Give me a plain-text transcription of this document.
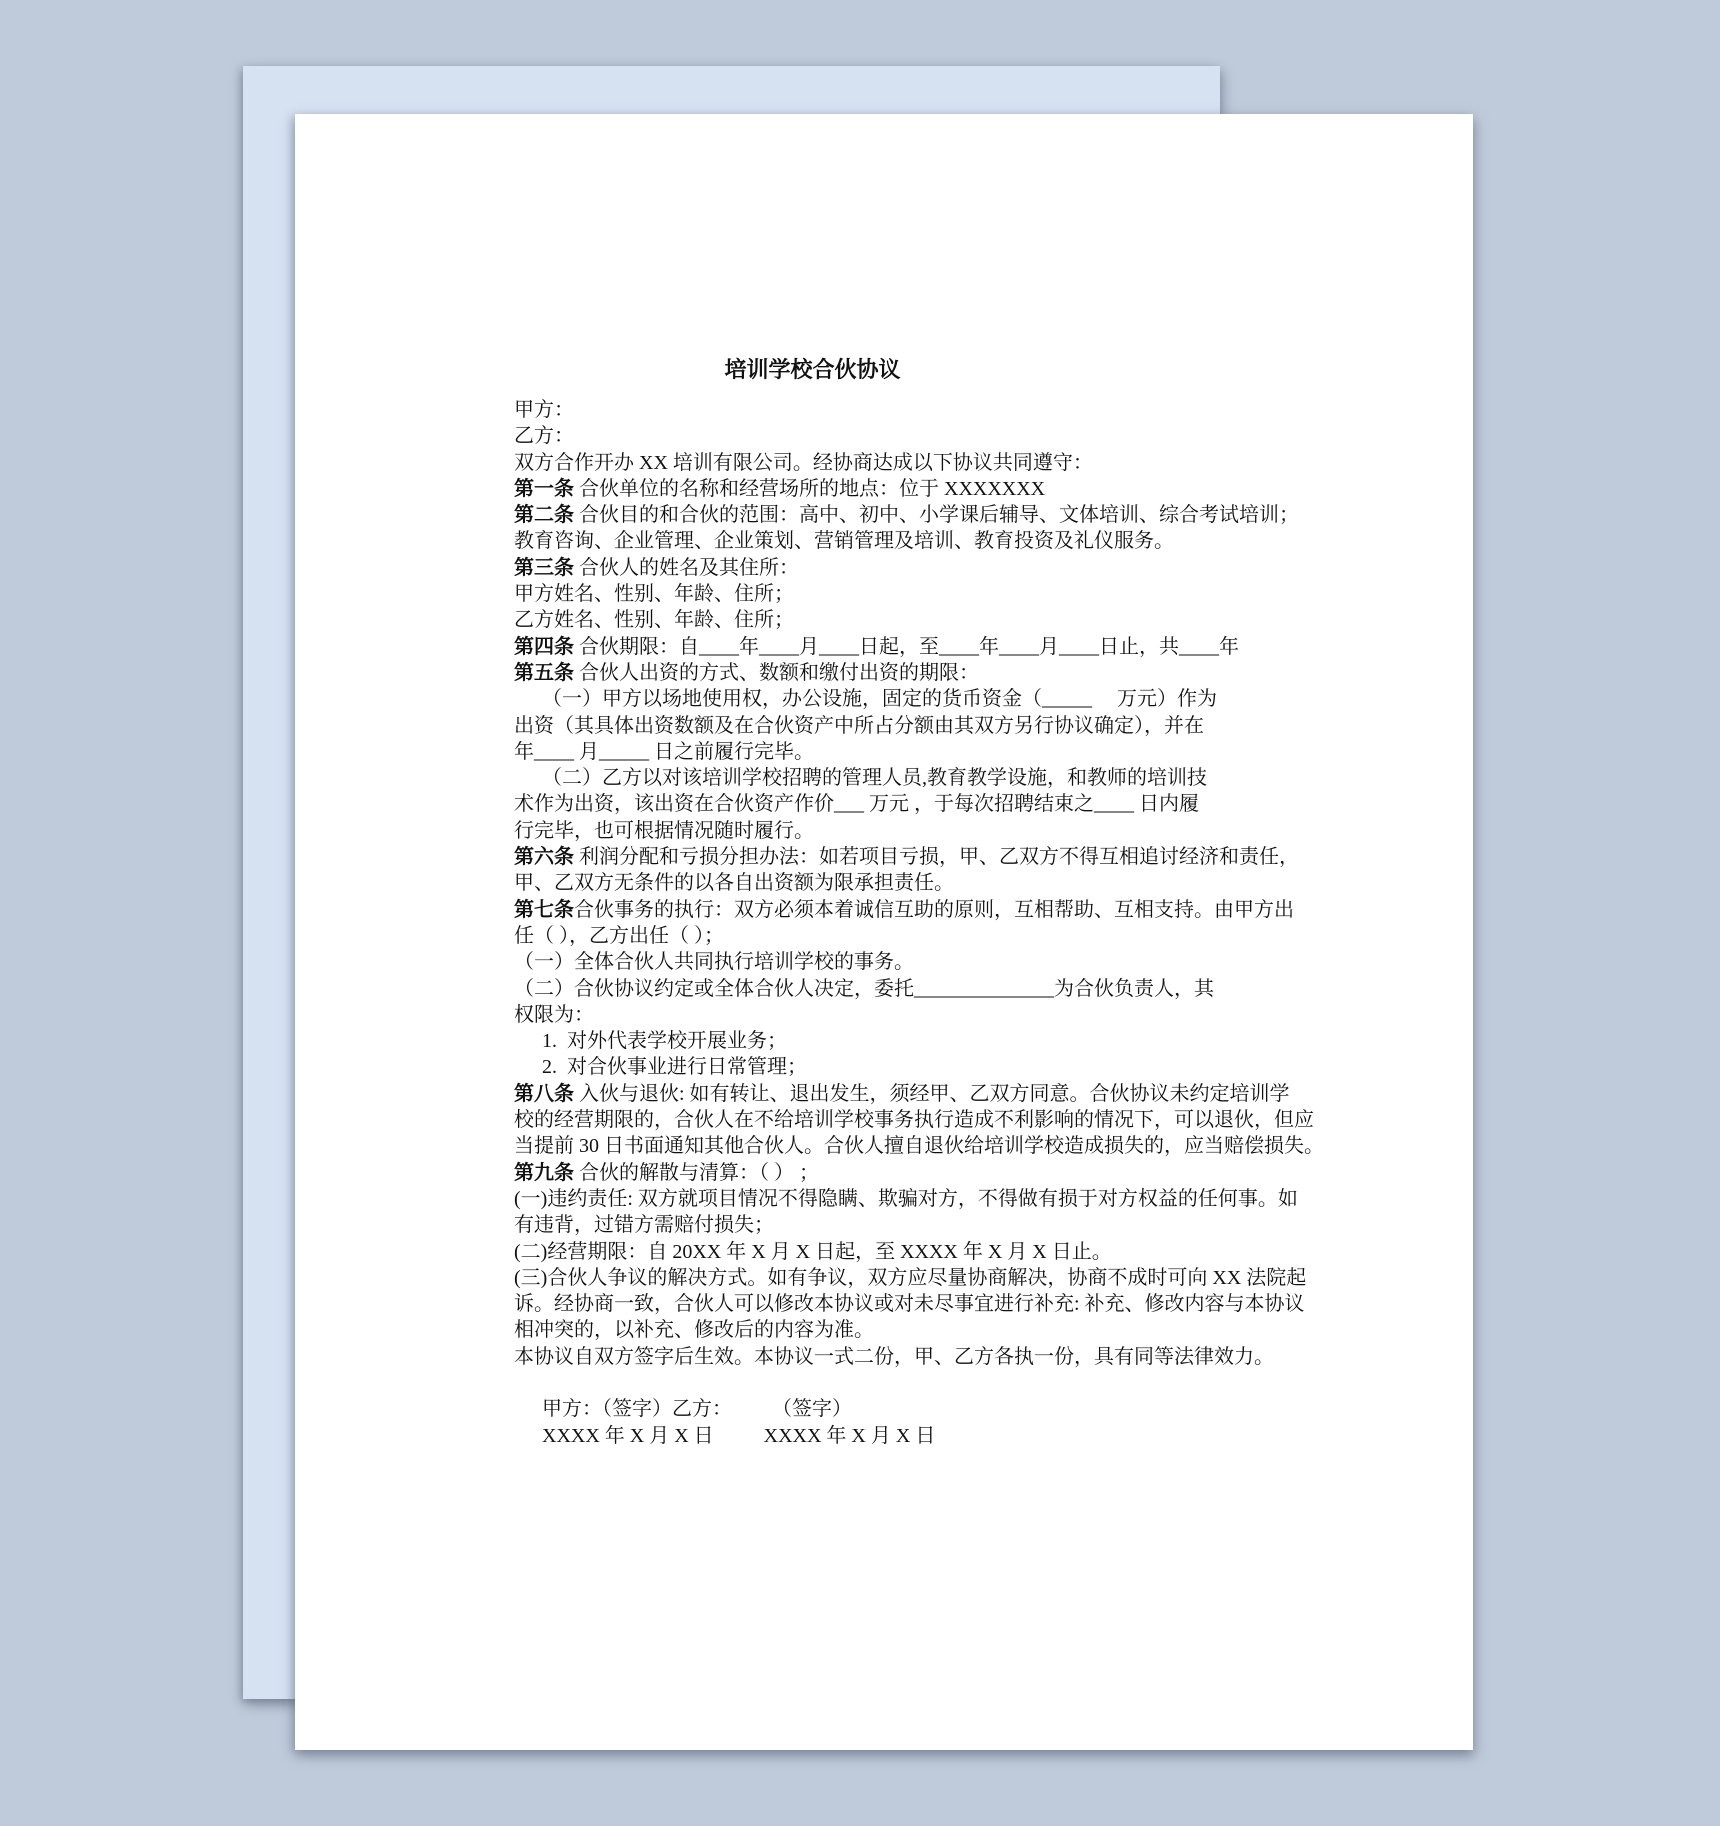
培训学校合伙协议
甲方：
乙方：
双方合作开办 XX 培训有限公司。经协商达成以下协议共同遵守：
第一条 合伙单位的名称和经营场所的地点：位于 XXXXXXX
第二条 合伙目的和合伙的范围：高中、初中、小学课后辅导、文体培训、综合考试培训；
教育咨询、企业管理、企业策划、营销管理及培训、教育投资及礼仪服务。
第三条 合伙人的姓名及其住所：
甲方姓名、性别、年龄、住所；
乙方姓名、性别、年龄、住所；
第四条 合伙期限：自____年____月____日起，至____年____月____日止，共____年
第五条 合伙人出资的方式、数额和缴付出资的期限：
（一）甲方以场地使用权，办公设施，固定的货币资金（_____　 万元）作为
出资（其具体出资数额及在合伙资产中所占分额由其双方另行协议确定），并在
年____ 月_____ 日之前履行完毕。
（二）乙方以对该培训学校招聘的管理人员,教育教学设施，和教师的培训技
术作为出资，该出资在合伙资产作价___ 万元 ，于每次招聘结束之____ 日内履
行完毕，也可根据情况随时履行。
第六条 利润分配和亏损分担办法：如若项目亏损，甲、乙双方不得互相追讨经济和责任，
甲、乙双方无条件的以各自出资额为限承担责任。
第七条合伙事务的执行：双方必须本着诚信互助的原则，互相帮助、互相支持。由甲方出
任（ ），乙方出任（ ）；
（一）全体合伙人共同执行培训学校的事务。
（二）合伙协议约定或全体合伙人决定，委托______________为合伙负责人，其
权限为：
1.  对外代表学校开展业务；
2.  对合伙事业进行日常管理；
第八条 入伙与退伙: 如有转让、退出发生，须经甲、乙双方同意。合伙协议未约定培训学
校的经营期限的，合伙人在不给培训学校事务执行造成不利影响的情况下，可以退伙，但应
当提前 30 日书面通知其他合伙人。合伙人擅自退伙给培训学校造成损失的，应当赔偿损失。
第九条 合伙的解散与清算：（ ） ；
(一)违约责任: 双方就项目情况不得隐瞒、欺骗对方，不得做有损于对方权益的任何事。如
有违背，过错方需赔付损失；
(二)经营期限：自 20XX 年 X 月 X 日起，至 XXXX 年 X 月 X 日止。
(三)合伙人争议的解决方式。如有争议，双方应尽量协商解决，协商不成时可向 XX 法院起
诉。经协商一致，合伙人可以修改本协议或对未尽事宜进行补充: 补充、修改内容与本协议
相冲突的，以补充、修改后的内容为准。
本协议自双方签字后生效。本协议一式二份，甲、乙方各执一份，具有同等法律效力。
甲方：（签字）乙方：        （签字）
XXXX 年 X 月 X 日          XXXX 年 X 月 X 日
